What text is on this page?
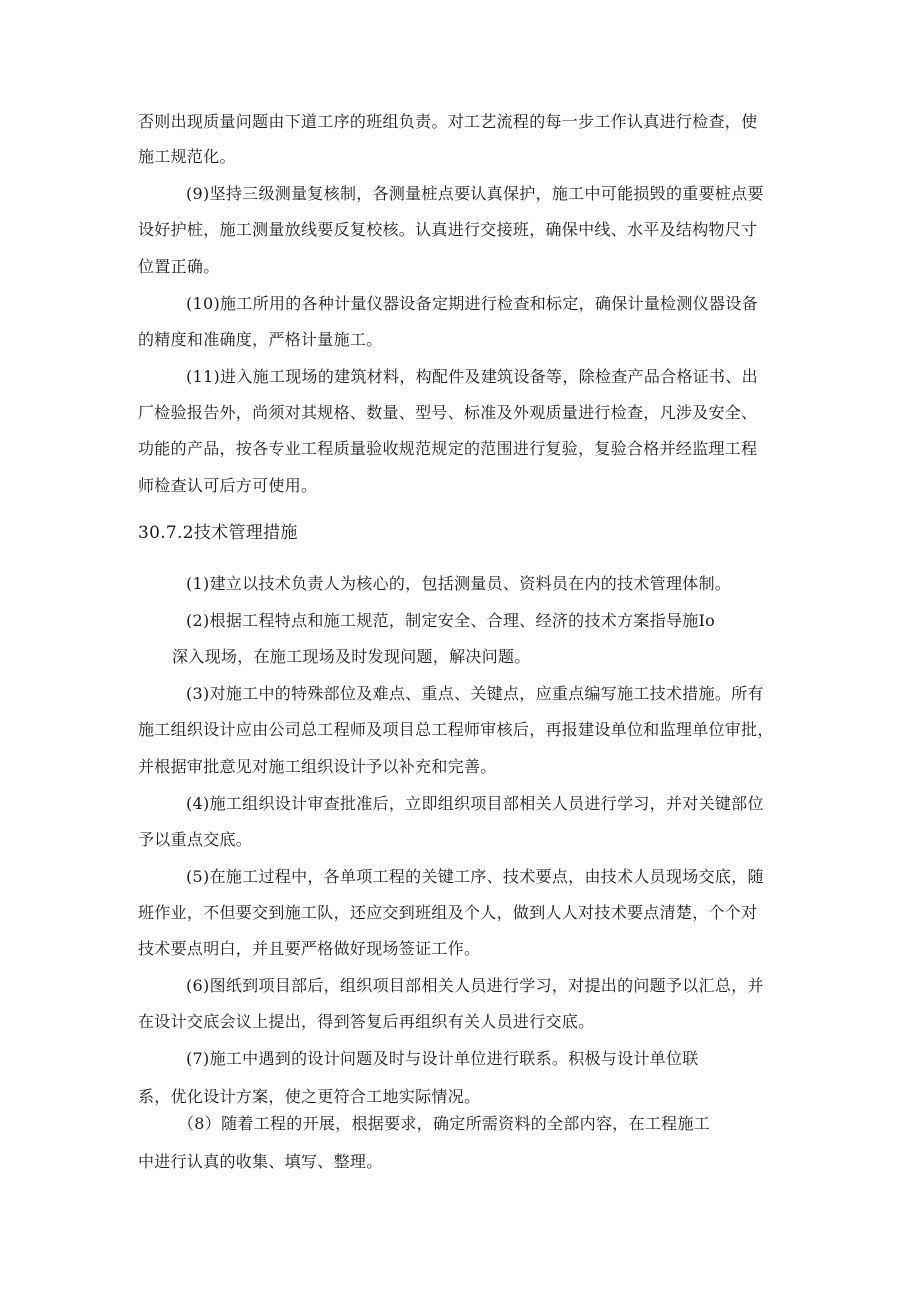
否则出现质量问题由下道工序的班组负责。对工艺流程的每一步工作认真进行检查，使
施工规范化。
(9)坚持三级测量复核制，各测量桩点要认真保护，施工中可能损毁的重要桩点要
设好护桩，施工测量放线要反复校核。认真进行交接班，确保中线、水平及结构物尺寸
位置正确。
(10)施工所用的各种计量仪器设备定期进行检查和标定，确保计量检测仪器设备
的精度和准确度，严格计量施工。
(11)进入施工现场的建筑材料，构配件及建筑设备等，除检查产品合格证书、出
厂检验报告外，尚须对其规格、数量、型号、标准及外观质量进行检查，凡涉及安全、
功能的产品，按各专业工程质量验收规范规定的范围进行复验，复验合格并经监理工程
师检查认可后方可使用。
30.7.2技术管理措施
(1)建立以技术负责人为核心的，包括测量员、资料员在内的技术管理体制。
(2)根据工程特点和施工规范，制定安全、合理、经济的技术方案指导施Io
深入现场，在施工现场及时发现问题，解决问题。
(3)对施工中的特殊部位及难点、重点、关键点，应重点编写施工技术措施。所有
施工组织设计应由公司总工程师及项目总工程师审核后，再报建设单位和监理单位审批，
并根据审批意见对施工组织设计予以补充和完善。
(4)施工组织设计审查批准后，立即组织项目部相关人员进行学习，并对关键部位
予以重点交底。
(5)在施工过程中，各单项工程的关键工序、技术要点，由技术人员现场交底，随
班作业，不但要交到施工队，还应交到班组及个人，做到人人对技术要点清楚，个个对
技术要点明白，并且要严格做好现场签证工作。
(6)图纸到项目部后，组织项目部相关人员进行学习，对提出的问题予以汇总，并
在设计交底会议上提出，得到答复后再组织有关人员进行交底。
(7)施工中遇到的设计问题及时与设计单位进行联系。积极与设计单位联
系，优化设计方案，使之更符合工地实际情况。
（8）随着工程的开展，根据要求，确定所需资料的全部内容，在工程施工
中进行认真的收集、填写、整理。
